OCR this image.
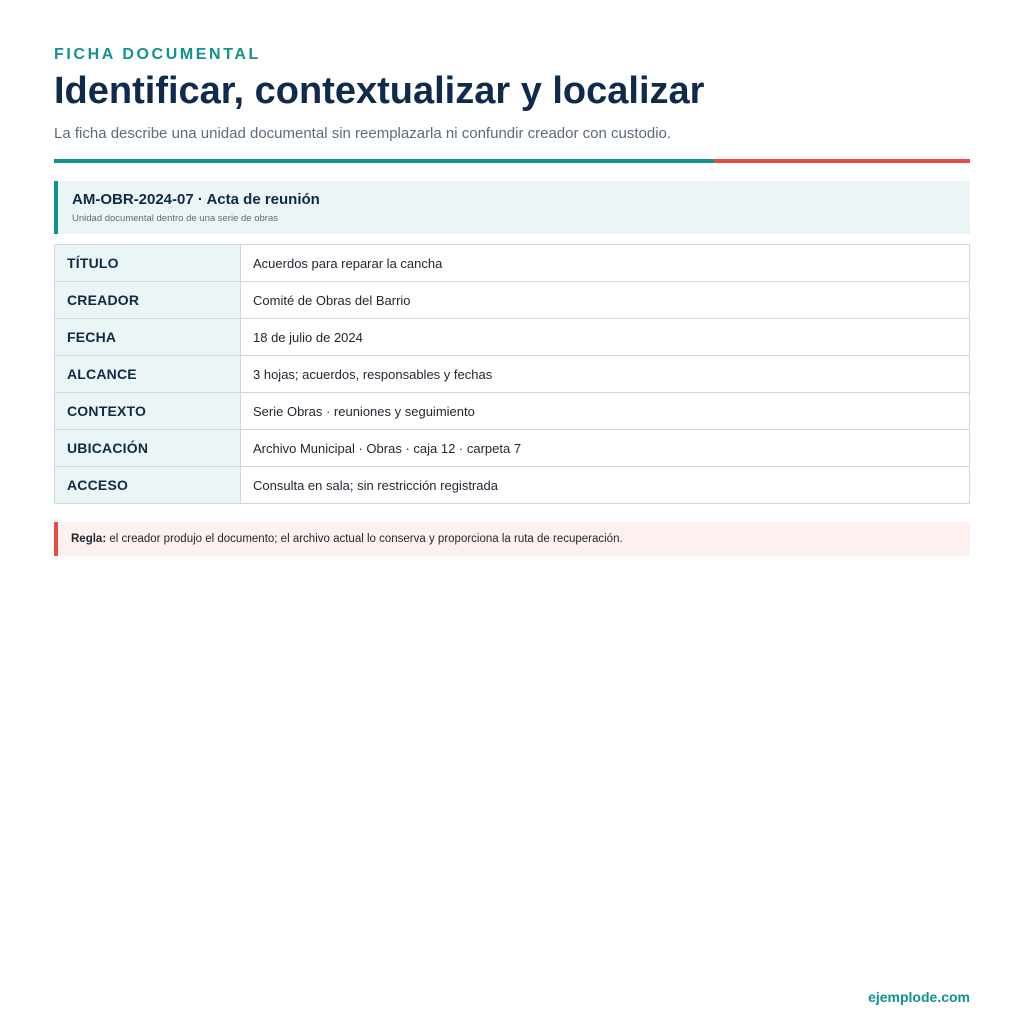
FICHA DOCUMENTAL
Identificar, contextualizar y localizar
La ficha describe una unidad documental sin reemplazarla ni confundir creador con custodio.
AM-OBR-2024-07 · Acta de reunión
Unidad documental dentro de una serie de obras
TÍTULO	Acuerdos para reparar la cancha
CREADOR	Comité de Obras del Barrio
FECHA	18 de julio de 2024
ALCANCE	3 hojas; acuerdos, responsables y fechas
CONTEXTO	Serie Obras · reuniones y seguimiento
UBICACIÓN	Archivo Municipal · Obras · caja 12 · carpeta 7
ACCESO	Consulta en sala; sin restricción registrada
Regla: el creador produjo el documento; el archivo actual lo conserva y proporciona la ruta de recuperación.
ejemplode.com
